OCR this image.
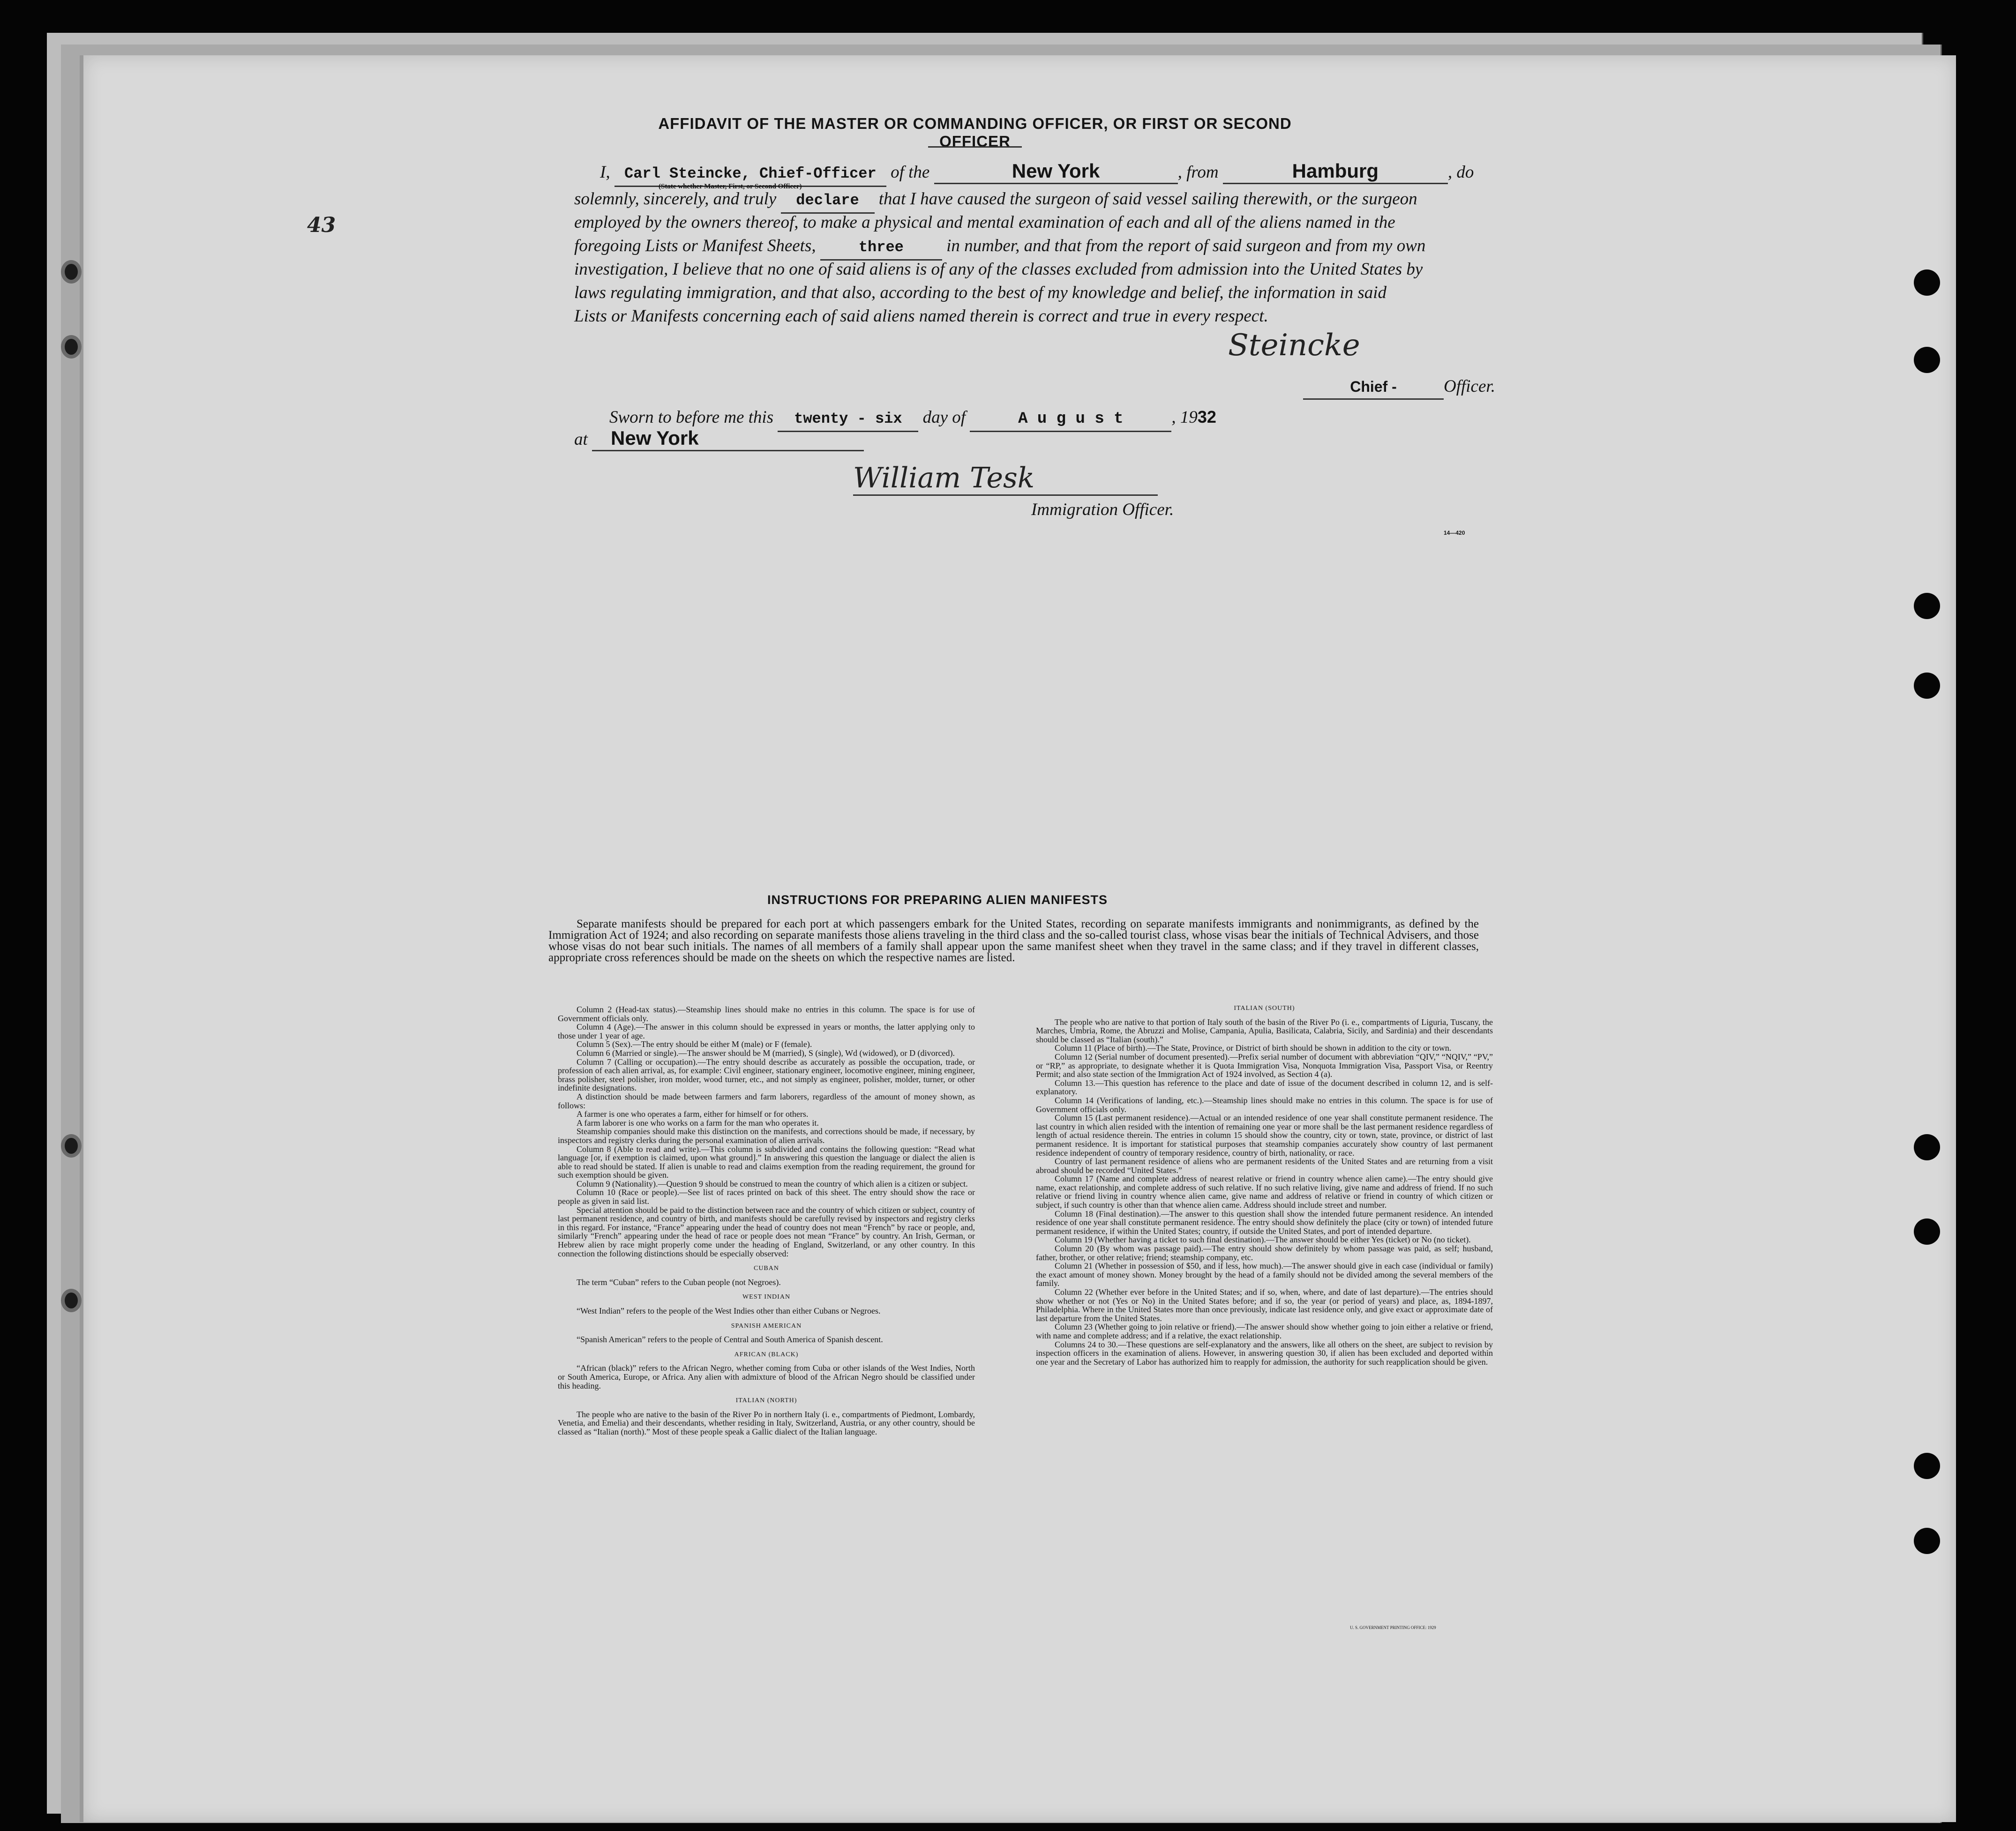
43
AFFIDAVIT OF THE MASTER OR COMMANDING OFFICER, OR FIRST OR SECOND OFFICER
I, Carl Steincke, Chief-Officer of the	New York	, from	Hamburg	, do
(State whether Master, First, or Second Officer)
solemnly, sincerely, and truly declare that I have caused the surgeon of said vessel sailing therewith, or the surgeon
employed by the owners thereof, to make a physical and mental examination of each and all of the aliens named in the
foregoing Lists or Manifest Sheets,	three in number, and that from the report of said surgeon and from my own
investigation, I believe that no one of said aliens is of any of the classes excluded from admission into the United States by
laws regulating immigration, and that also, according to the best of my knowledge and belief, the information in said
Lists or Manifests concerning each of said aliens named therein is correct and true in every respect.
Steincke
Chief -	Officer.
Sworn to before me this twenty - six day of	A u g u s t	, 1932
at New York
William Tesk
Immigration Officer.
14—420
INSTRUCTIONS FOR PREPARING ALIEN MANIFESTS
Separate manifests should be prepared for each port at which passengers embark for the United States, recording on separate manifests immigrants and nonimmigrants, as defined by the Immigration Act of 1924; and also recording on separate manifests those aliens traveling in the third class and the so-called tourist class, whose visas bear the initials of Technical Advisers, and those whose visas do not bear such initials. The names of all members of a family shall appear upon the same manifest sheet when they travel in the same class; and if they travel in different classes, appropriate cross references should be made on the sheets on which the respective names are listed.

Column 2 (Head-tax status).—Steamship lines should make no entries in this column. The space is for use of Government officials only.

Column 4 (Age).—The answer in this column should be expressed in years or months, the latter applying only to those under 1 year of age.

Column 5 (Sex).—The entry should be either M (male) or F (female).

Column 6 (Married or single).—The answer should be M (married), S (single), Wd (widowed), or D (divorced).

Column 7 (Calling or occupation).—The entry should describe as accurately as possible the occupation, trade, or profession of each alien arrival, as, for example: Civil engineer, stationary engineer, locomotive engineer, mining engineer, brass polisher, steel polisher, iron molder, wood turner, etc., and not simply as engineer, polisher, molder, turner, or other indefinite designations.

A distinction should be made between farmers and farm laborers, regardless of the amount of money shown, as follows:

A farmer is one who operates a farm, either for himself or for others.

A farm laborer is one who works on a farm for the man who operates it.

Steamship companies should make this distinction on the manifests, and corrections should be made, if necessary, by inspectors and registry clerks during the personal examination of alien arrivals.

Column 8 (Able to read and write).—This column is subdivided and contains the following question: “Read what language [or, if exemption is claimed, upon what ground].” In answering this question the language or dialect the alien is able to read should be stated. If alien is unable to read and claims exemption from the reading requirement, the ground for such exemption should be given.

Column 9 (Nationality).—Question 9 should be construed to mean the country of which alien is a citizen or subject.

Column 10 (Race or people).—See list of races printed on back of this sheet. The entry should show the race or people as given in said list.

Special attention should be paid to the distinction between race and the country of which citizen or subject, country of last permanent residence, and country of birth, and manifests should be carefully revised by inspectors and registry clerks in this regard. For instance, “France” appearing under the head of country does not mean “French” by race or people, and, similarly “French” appearing under the head of race or people does not mean “France” by country. An Irish, German, or Hebrew alien by race might properly come under the heading of England, Switzerland, or any other country. In this connection the following distinctions should be especially observed:

CUBAN

The term “Cuban” refers to the Cuban people (not Negroes).

WEST INDIAN

“West Indian” refers to the people of the West Indies other than either Cubans or Negroes.

SPANISH AMERICAN

“Spanish American” refers to the people of Central and South America of Spanish descent.

AFRICAN (BLACK)

“African (black)” refers to the African Negro, whether coming from Cuba or other islands of the West Indies, North or South America, Europe, or Africa. Any alien with admixture of blood of the African Negro should be classified under this heading.

ITALIAN (NORTH)

The people who are native to the basin of the River Po in northern Italy (i. e., compartments of Piedmont, Lombardy, Venetia, and Emelia) and their descendants, whether residing in Italy, Switzerland, Austria, or any other country, should be classed as “Italian (north).” Most of these people speak a Gallic dialect of the Italian language.

ITALIAN (SOUTH)

The people who are native to that portion of Italy south of the basin of the River Po (i. e., compartments of Liguria, Tuscany, the Marches, Umbria, Rome, the Abruzzi and Molise, Campania, Apulia, Basilicata, Calabria, Sicily, and Sardinia) and their descendants should be classed as “Italian (south).”

Column 11 (Place of birth).—The State, Province, or District of birth should be shown in addition to the city or town.

Column 12 (Serial number of document presented).—Prefix serial number of document with abbreviation “QIV,” “NQIV,” “PV,” or “RP,” as appropriate, to designate whether it is Quota Immigration Visa, Nonquota Immigration Visa, Passport Visa, or Reentry Permit; and also state section of the Immigration Act of 1924 involved, as Section 4 (a).

Column 13.—This question has reference to the place and date of issue of the document described in column 12, and is self-explanatory.

Column 14 (Verifications of landing, etc.).—Steamship lines should make no entries in this column. The space is for use of Government officials only.

Column 15 (Last permanent residence).—Actual or an intended residence of one year shall constitute permanent residence. The last country in which alien resided with the intention of remaining one year or more shall be the last permanent residence regardless of length of actual residence therein. The entries in column 15 should show the country, city or town, state, province, or district of last permanent residence. It is important for statistical purposes that steamship companies accurately show country of last permanent residence independent of country of temporary residence, country of birth, nationality, or race.

Country of last permanent residence of aliens who are permanent residents of the United States and are returning from a visit abroad should be recorded “United States.”

Column 17 (Name and complete address of nearest relative or friend in country whence alien came).—The entry should give name, exact relationship, and complete address of such relative. If no such relative living, give name and address of friend. If no such relative or friend living in country whence alien came, give name and address of relative or friend in country of which citizen or subject, if such country is other than that whence alien came. Address should include street and number.

Column 18 (Final destination).—The answer to this question shall show the intended future permanent residence. An intended residence of one year shall constitute permanent residence. The entry should show definitely the place (city or town) of intended future permanent residence, if within the United States; country, if outside the United States, and port of intended departure.

Column 19 (Whether having a ticket to such final destination).—The answer should be either Yes (ticket) or No (no ticket).

Column 20 (By whom was passage paid).—The entry should show definitely by whom passage was paid, as self; husband, father, brother, or other relative; friend; steamship company, etc.

Column 21 (Whether in possession of $50, and if less, how much).—The answer should give in each case (individual or family) the exact amount of money shown. Money brought by the head of a family should not be divided among the several members of the family.

Column 22 (Whether ever before in the United States; and if so, when, where, and date of last departure).—The entries should show whether or not (Yes or No) in the United States before; and if so, the year (or period of years) and place, as, 1894-1897, Philadelphia. Where in the United States more than once previously, indicate last residence only, and give exact or approximate date of last departure from the United States.

Column 23 (Whether going to join relative or friend).—The answer should show whether going to join either a relative or friend, with name and complete address; and if a relative, the exact relationship.

Columns 24 to 30.—These questions are self-explanatory and the answers, like all others on the sheet, are subject to revision by inspection officers in the examination of aliens. However, in answering question 30, if alien has been excluded and deported within one year and the Secretary of Labor has authorized him to reapply for admission, the authority for such reapplication should be given.

U. S. GOVERNMENT PRINTING OFFICE: 1929
